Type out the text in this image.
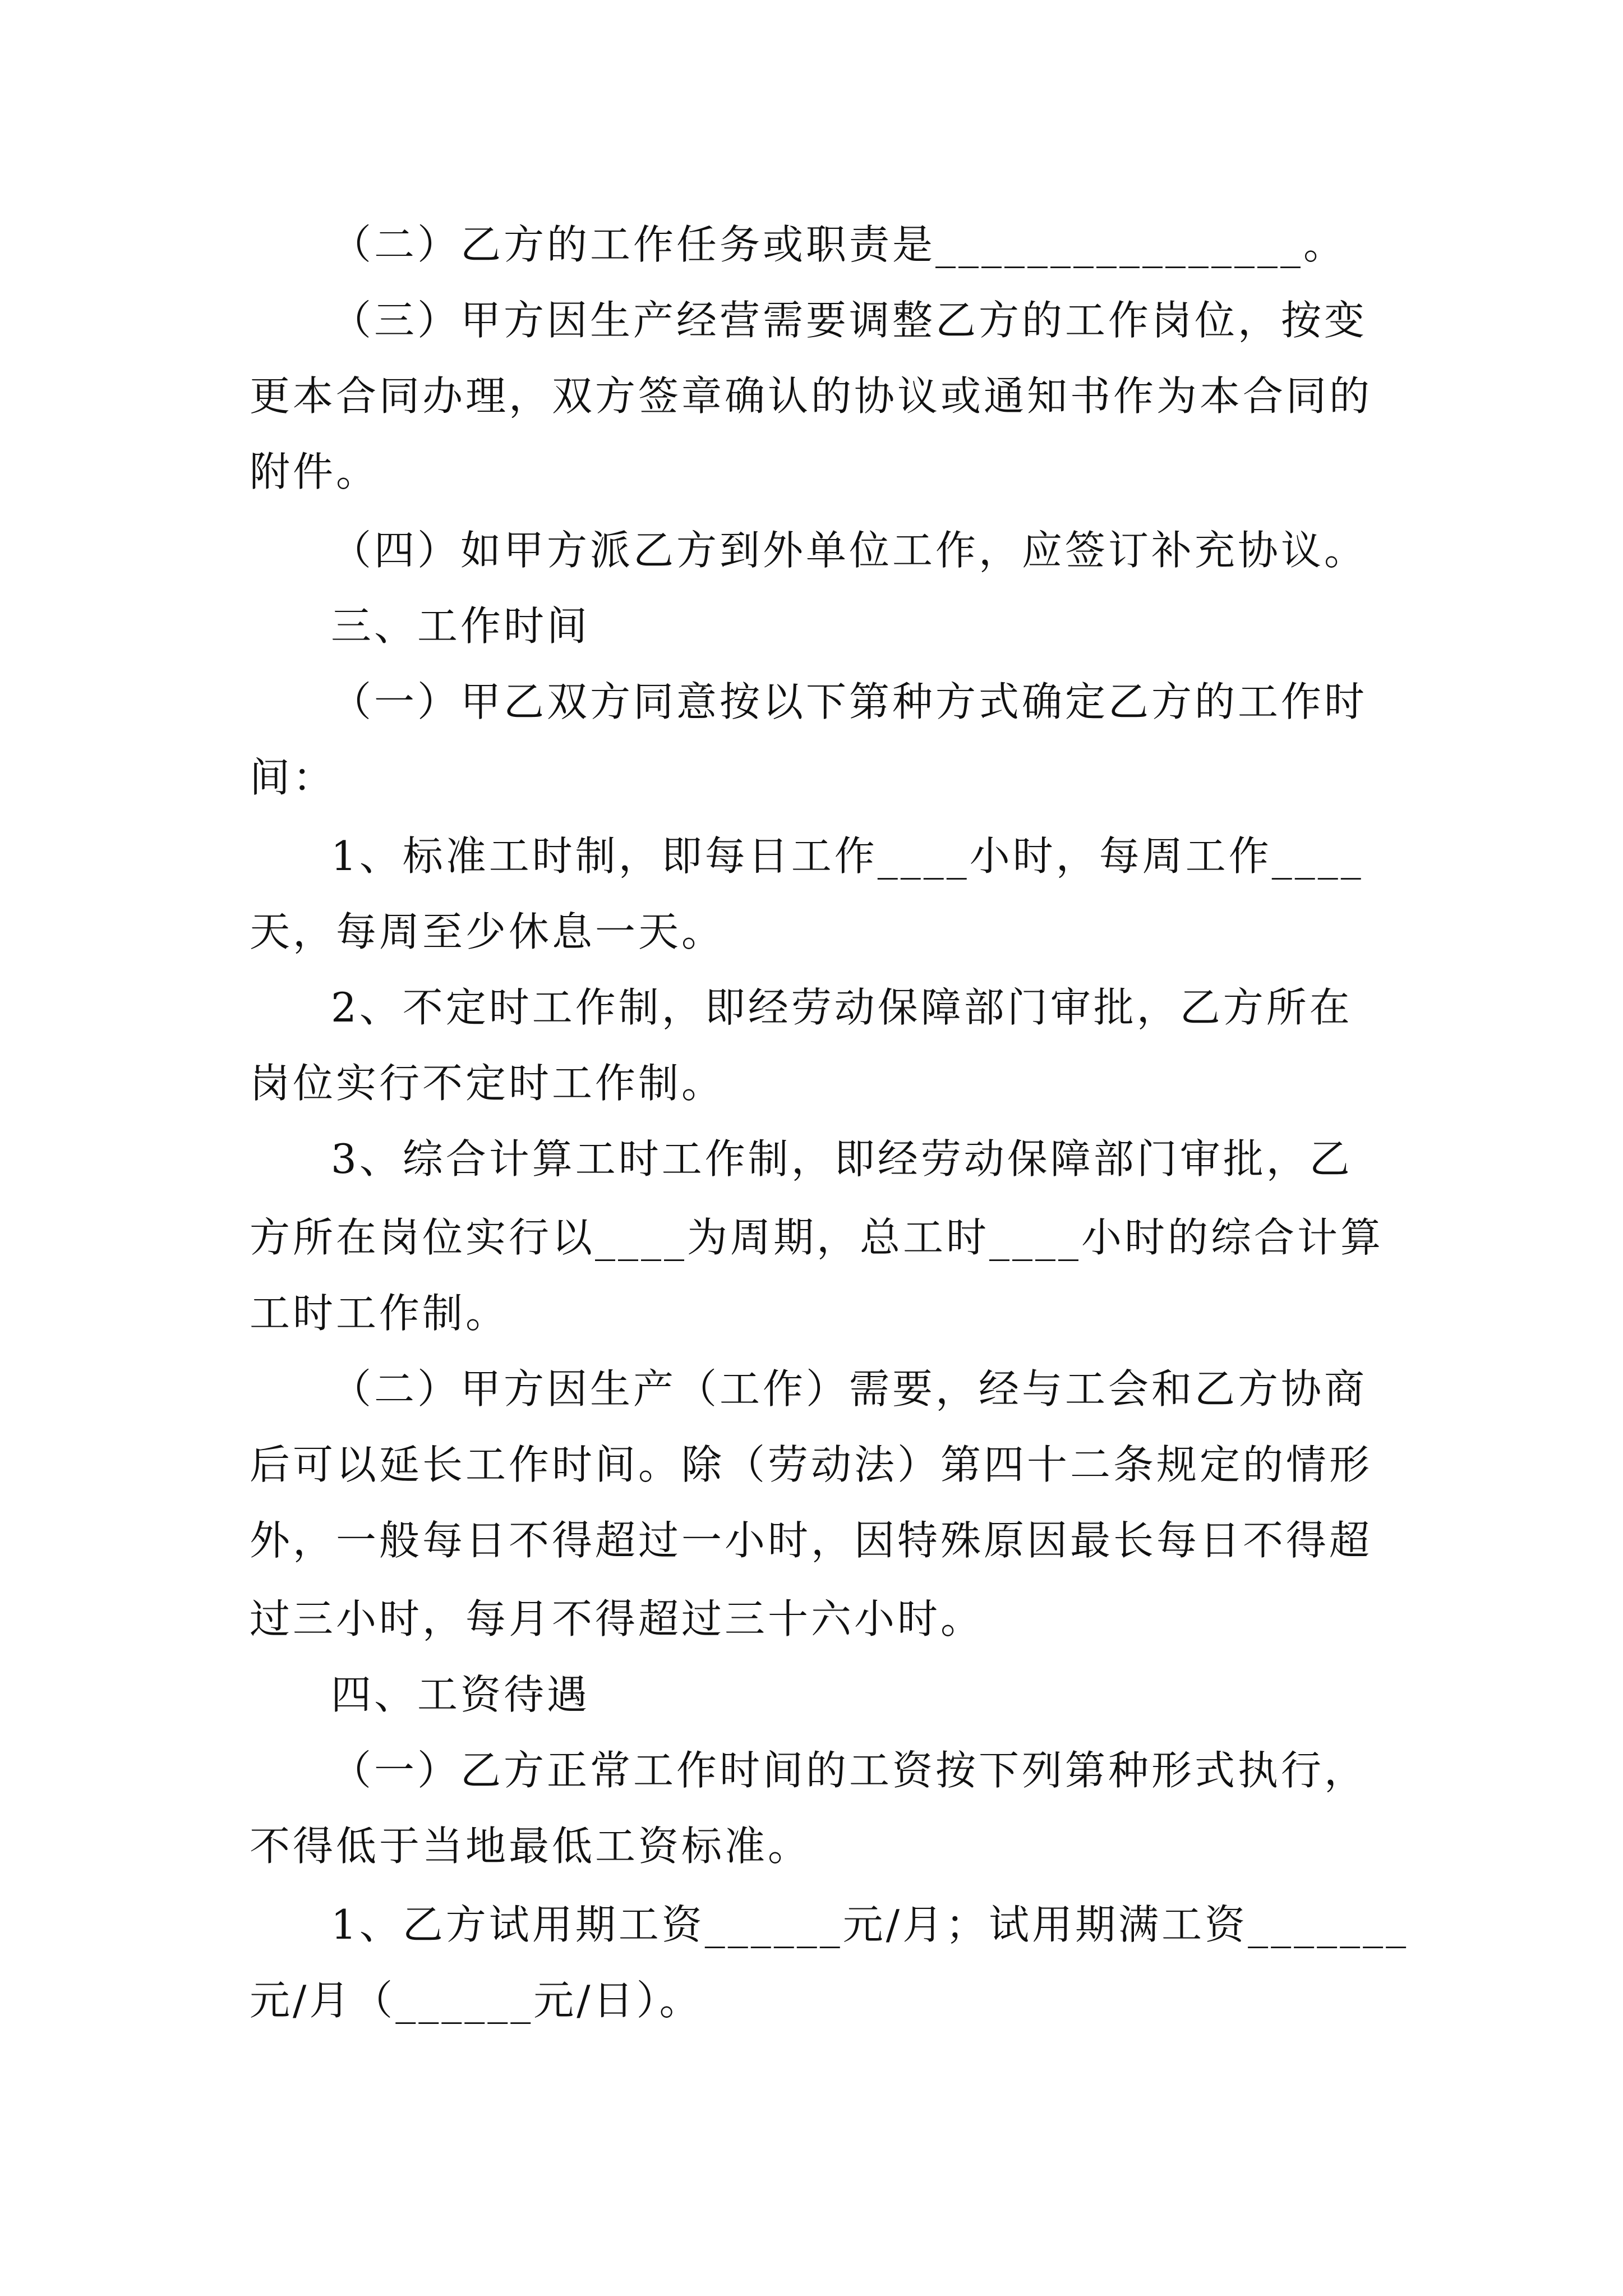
（二）乙方的工作任务或职责是________________。
（三）甲方因生产经营需要调整乙方的工作岗位，按变
更本合同办理，双方签章确认的协议或通知书作为本合同的
附件。
（四）如甲方派乙方到外单位工作，应签订补充协议。
三、工作时间
（一）甲乙双方同意按以下第种方式确定乙方的工作时
间：
1、标准工时制，即每日工作____小时，每周工作____
天，每周至少休息一天。
2、不定时工作制，即经劳动保障部门审批，乙方所在
岗位实行不定时工作制。
3、综合计算工时工作制，即经劳动保障部门审批，乙
方所在岗位实行以____为周期，总工时____小时的综合计算
工时工作制。
（二）甲方因生产（工作）需要，经与工会和乙方协商
后可以延长工作时间。除（劳动法）第四十二条规定的情形
外，一般每日不得超过一小时，因特殊原因最长每日不得超
过三小时，每月不得超过三十六小时。
四、工资待遇
（一）乙方正常工作时间的工资按下列第种形式执行，
不得低于当地最低工资标准。
1、乙方试用期工资______元/月；试用期满工资_______
元/月（______元/日）。
